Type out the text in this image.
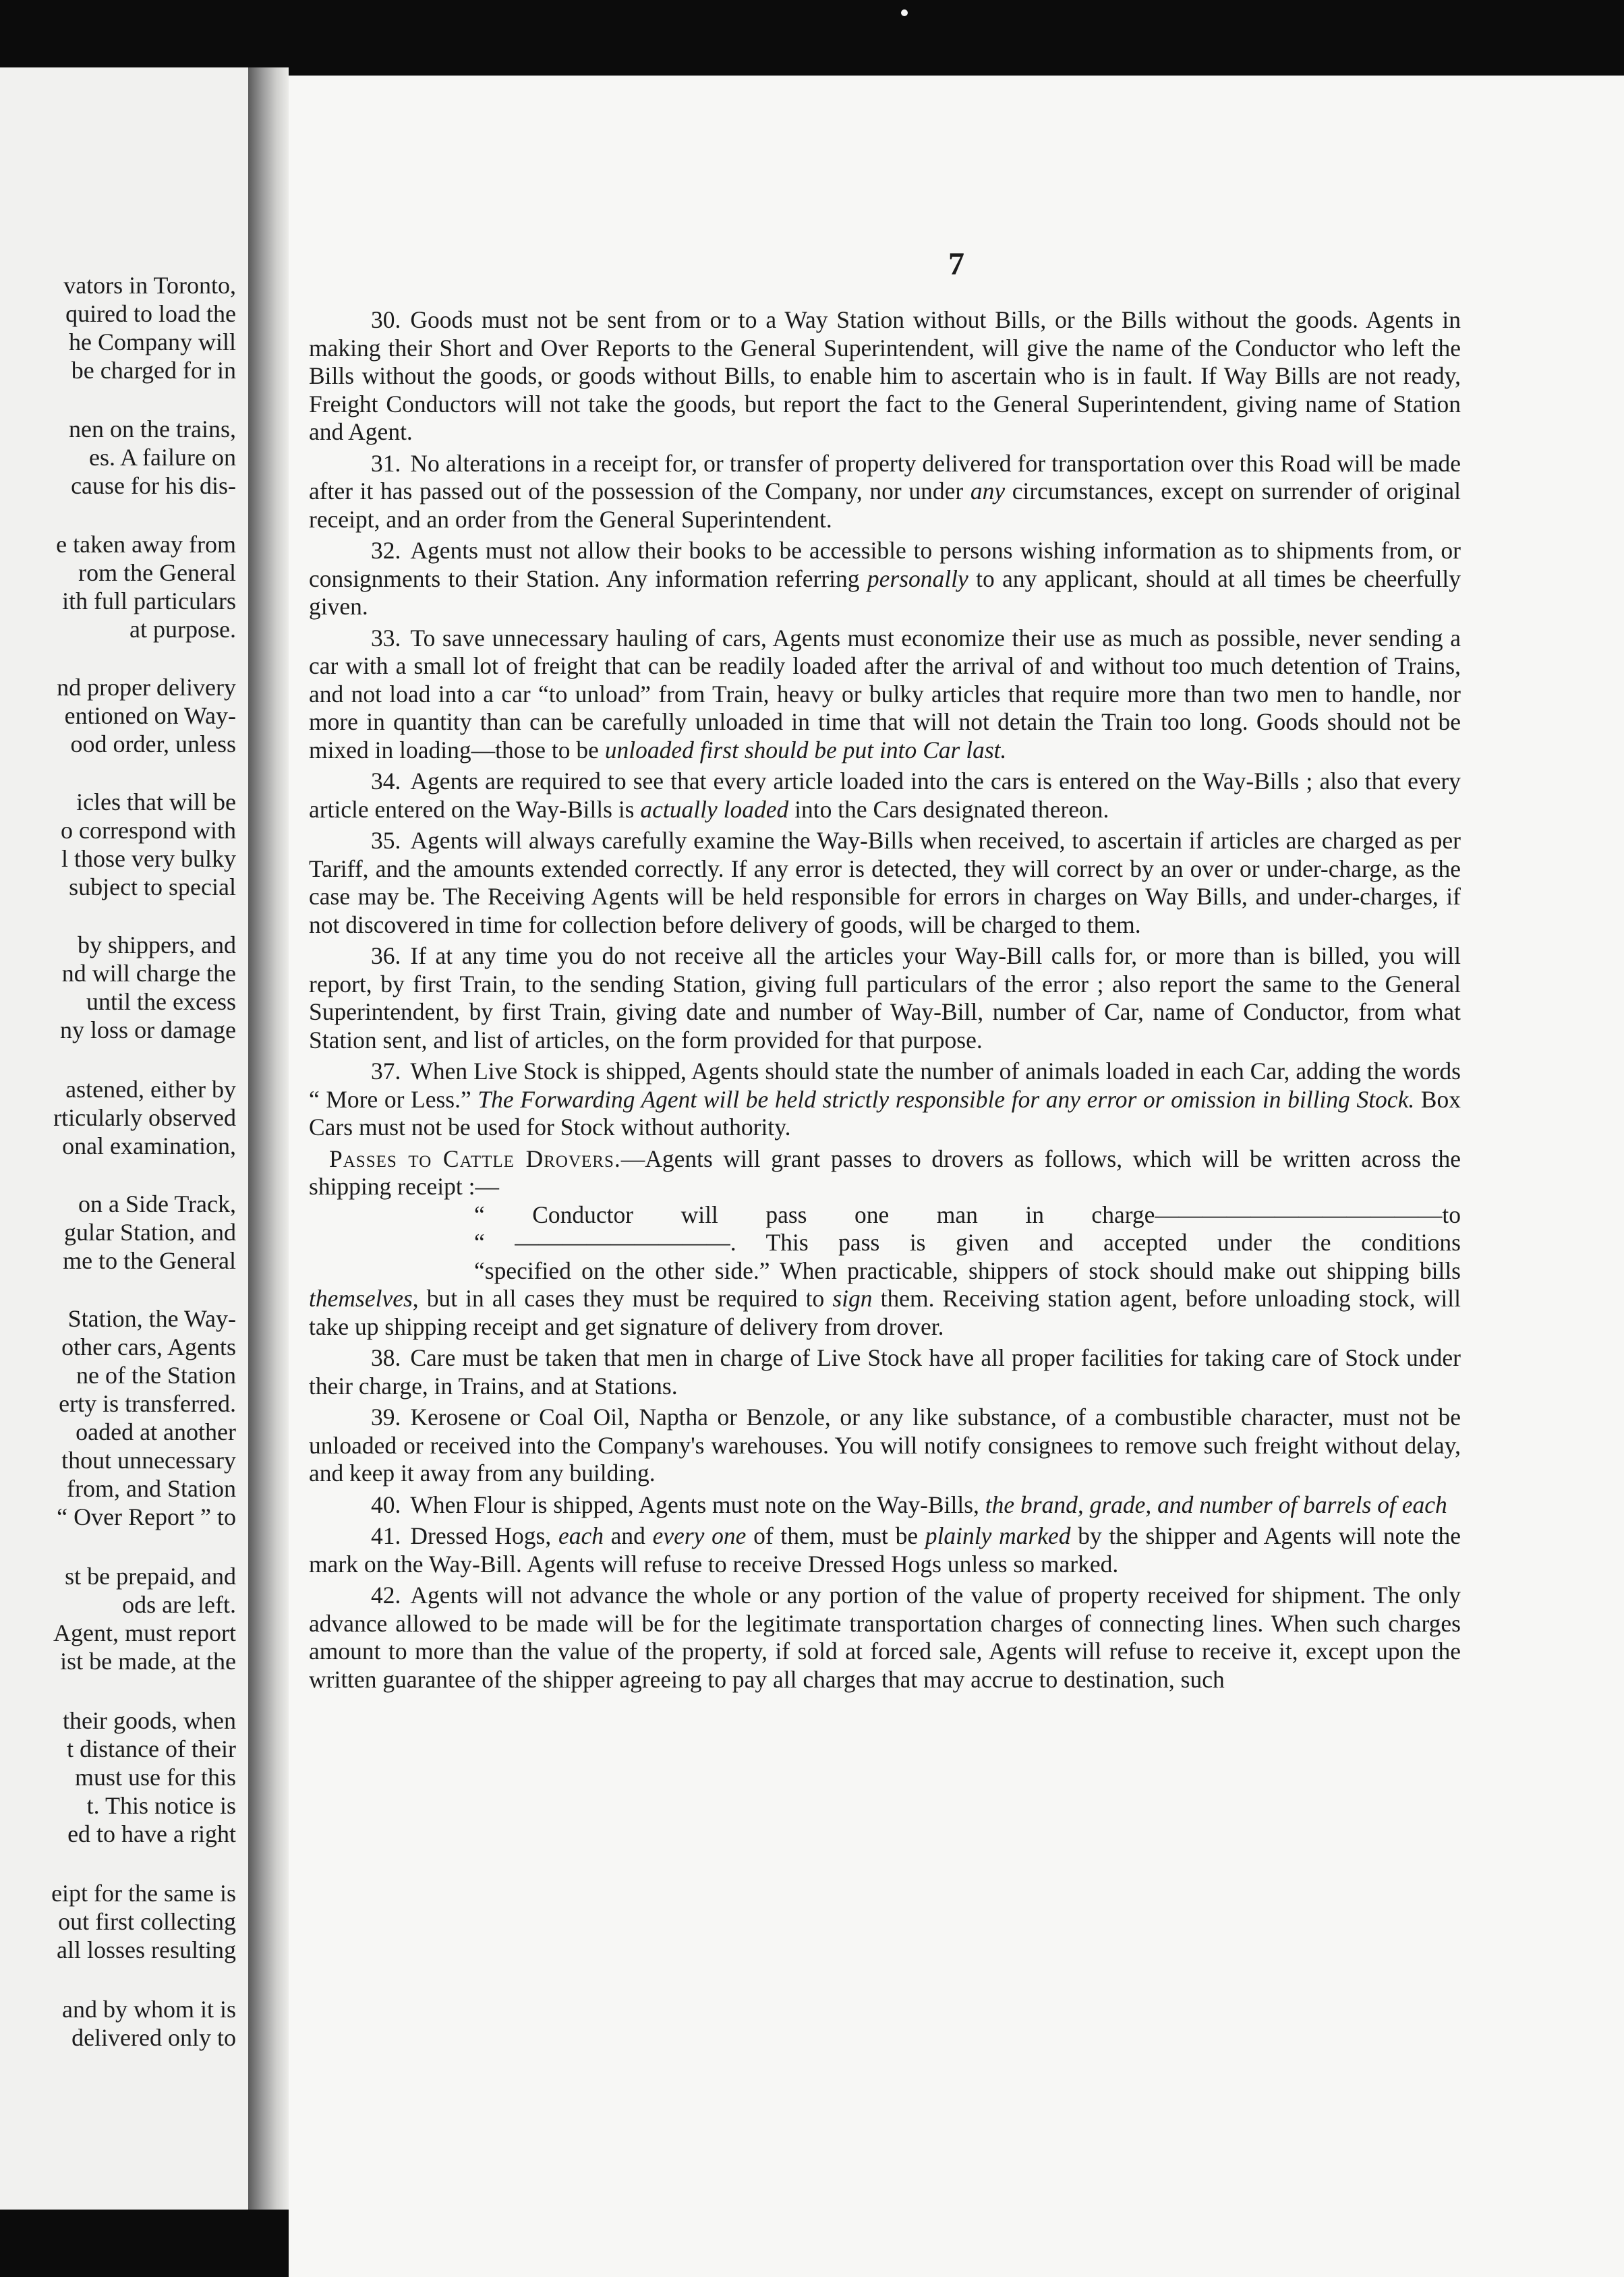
vators in Toronto,
quired to load the
he Company will
be charged for in
nen on the trains,
es. A failure on
cause for his dis-
e taken away from
rom the General
ith full particulars
at purpose.
nd proper delivery
entioned on Way-
ood order, unless
icles that will be
o correspond with
l those very bulky
subject to special
by shippers, and
nd will charge the
until the excess
ny loss or damage
astened, either by
rticularly observed
onal examination,
on a Side Track,
gular Station, and
me to the General
Station, the Way-
other cars, Agents
ne of the Station
erty is transferred.
oaded at another
thout unnecessary
from, and Station
“ Over Report ” to
st be prepaid, and
ods are left.
Agent, must report
ist be made, at the
their goods, when
t distance of their
must use for this
t. This notice is
ed to have a right
eipt for the same is
out first collecting
all losses resulting
and by whom it is
delivered only to
7

30. Goods must not be sent from or to a Way Station without Bills, or the Bills without the goods. Agents in making their Short and Over Reports to the General Superintendent, will give the name of the Conductor who left the Bills without the goods, or goods without Bills, to enable him to ascertain who is in fault. If Way Bills are not ready, Freight Conductors will not take the goods, but report the fact to the General Superintendent, giving name of Station and Agent.

31. No alterations in a receipt for, or transfer of property delivered for transportation over this Road will be made after it has passed out of the possession of the Company, nor under any circumstances, except on surrender of original receipt, and an order from the General Superintendent.

32. Agents must not allow their books to be accessible to persons wishing information as to shipments from, or consignments to their Station. Any information referring personally to any applicant, should at all times be cheerfully given.

33. To save unnecessary hauling of cars, Agents must economize their use as much as possible, never sending a car with a small lot of freight that can be readily loaded after the arrival of and without too much detention of Trains, and not load into a car “to unload” from Train, heavy or bulky articles that require more than two men to handle, nor more in quantity than can be carefully unloaded in time that will not detain the Train too long. Goods should not be mixed in loading—those to be unloaded first should be put into Car last.

34. Agents are required to see that every article loaded into the cars is entered on the Way-Bills ; also that every article entered on the Way-Bills is actually loaded into the Cars designated thereon.

35. Agents will always carefully examine the Way-Bills when received, to ascertain if articles are charged as per Tariff, and the amounts extended correctly. If any error is detected, they will correct by an over or under-charge, as the case may be. The Receiving Agents will be held responsible for errors in charges on Way Bills, and under-charges, if not discovered in time for collection before delivery of goods, will be charged to them.

36. If at any time you do not receive all the articles your Way-Bill calls for, or more than is billed, you will report, by first Train, to the sending Station, giving full particulars of the error ; also report the same to the General Superintendent, by first Train, giving date and number of Way-Bill, number of Car, name of Conductor, from what Station sent, and list of articles, on the form provided for that purpose.

37. When Live Stock is shipped, Agents should state the number of animals loaded in each Car, adding the words “ More or Less.” The Forwarding Agent will be held strictly responsible for any error or omission in billing Stock. Box Cars must not be used for Stock without authority.

Passes to Cattle Drovers.—Agents will grant passes to drovers as follows, which will be written across the shipping receipt :—

“ Conductor will pass one man in charge————————————to

“ —————————. This pass is given and accepted under the conditions

“specified on the other side.” When practicable, shippers of stock should make out shipping bills themselves, but in all cases they must be required to sign them. Receiving station agent, before unloading stock, will take up shipping receipt and get signature of delivery from drover.

38. Care must be taken that men in charge of Live Stock have all proper facilities for taking care of Stock under their charge, in Trains, and at Stations.

39. Kerosene or Coal Oil, Naptha or Benzole, or any like substance, of a combustible character, must not be unloaded or received into the Company's warehouses. You will notify consignees to remove such freight without delay, and keep it away from any building.

40. When Flour is shipped, Agents must note on the Way-Bills, the brand, grade, and number of barrels of each

41. Dressed Hogs, each and every one of them, must be plainly marked by the shipper and Agents will note the mark on the Way-Bill. Agents will refuse to receive Dressed Hogs unless so marked.

42. Agents will not advance the whole or any portion of the value of property received for shipment. The only advance allowed to be made will be for the legitimate transportation charges of connecting lines. When such charges amount to more than the value of the property, if sold at forced sale, Agents will refuse to receive it, except upon the written guarantee of the shipper agreeing to pay all charges that may accrue to destination, such
